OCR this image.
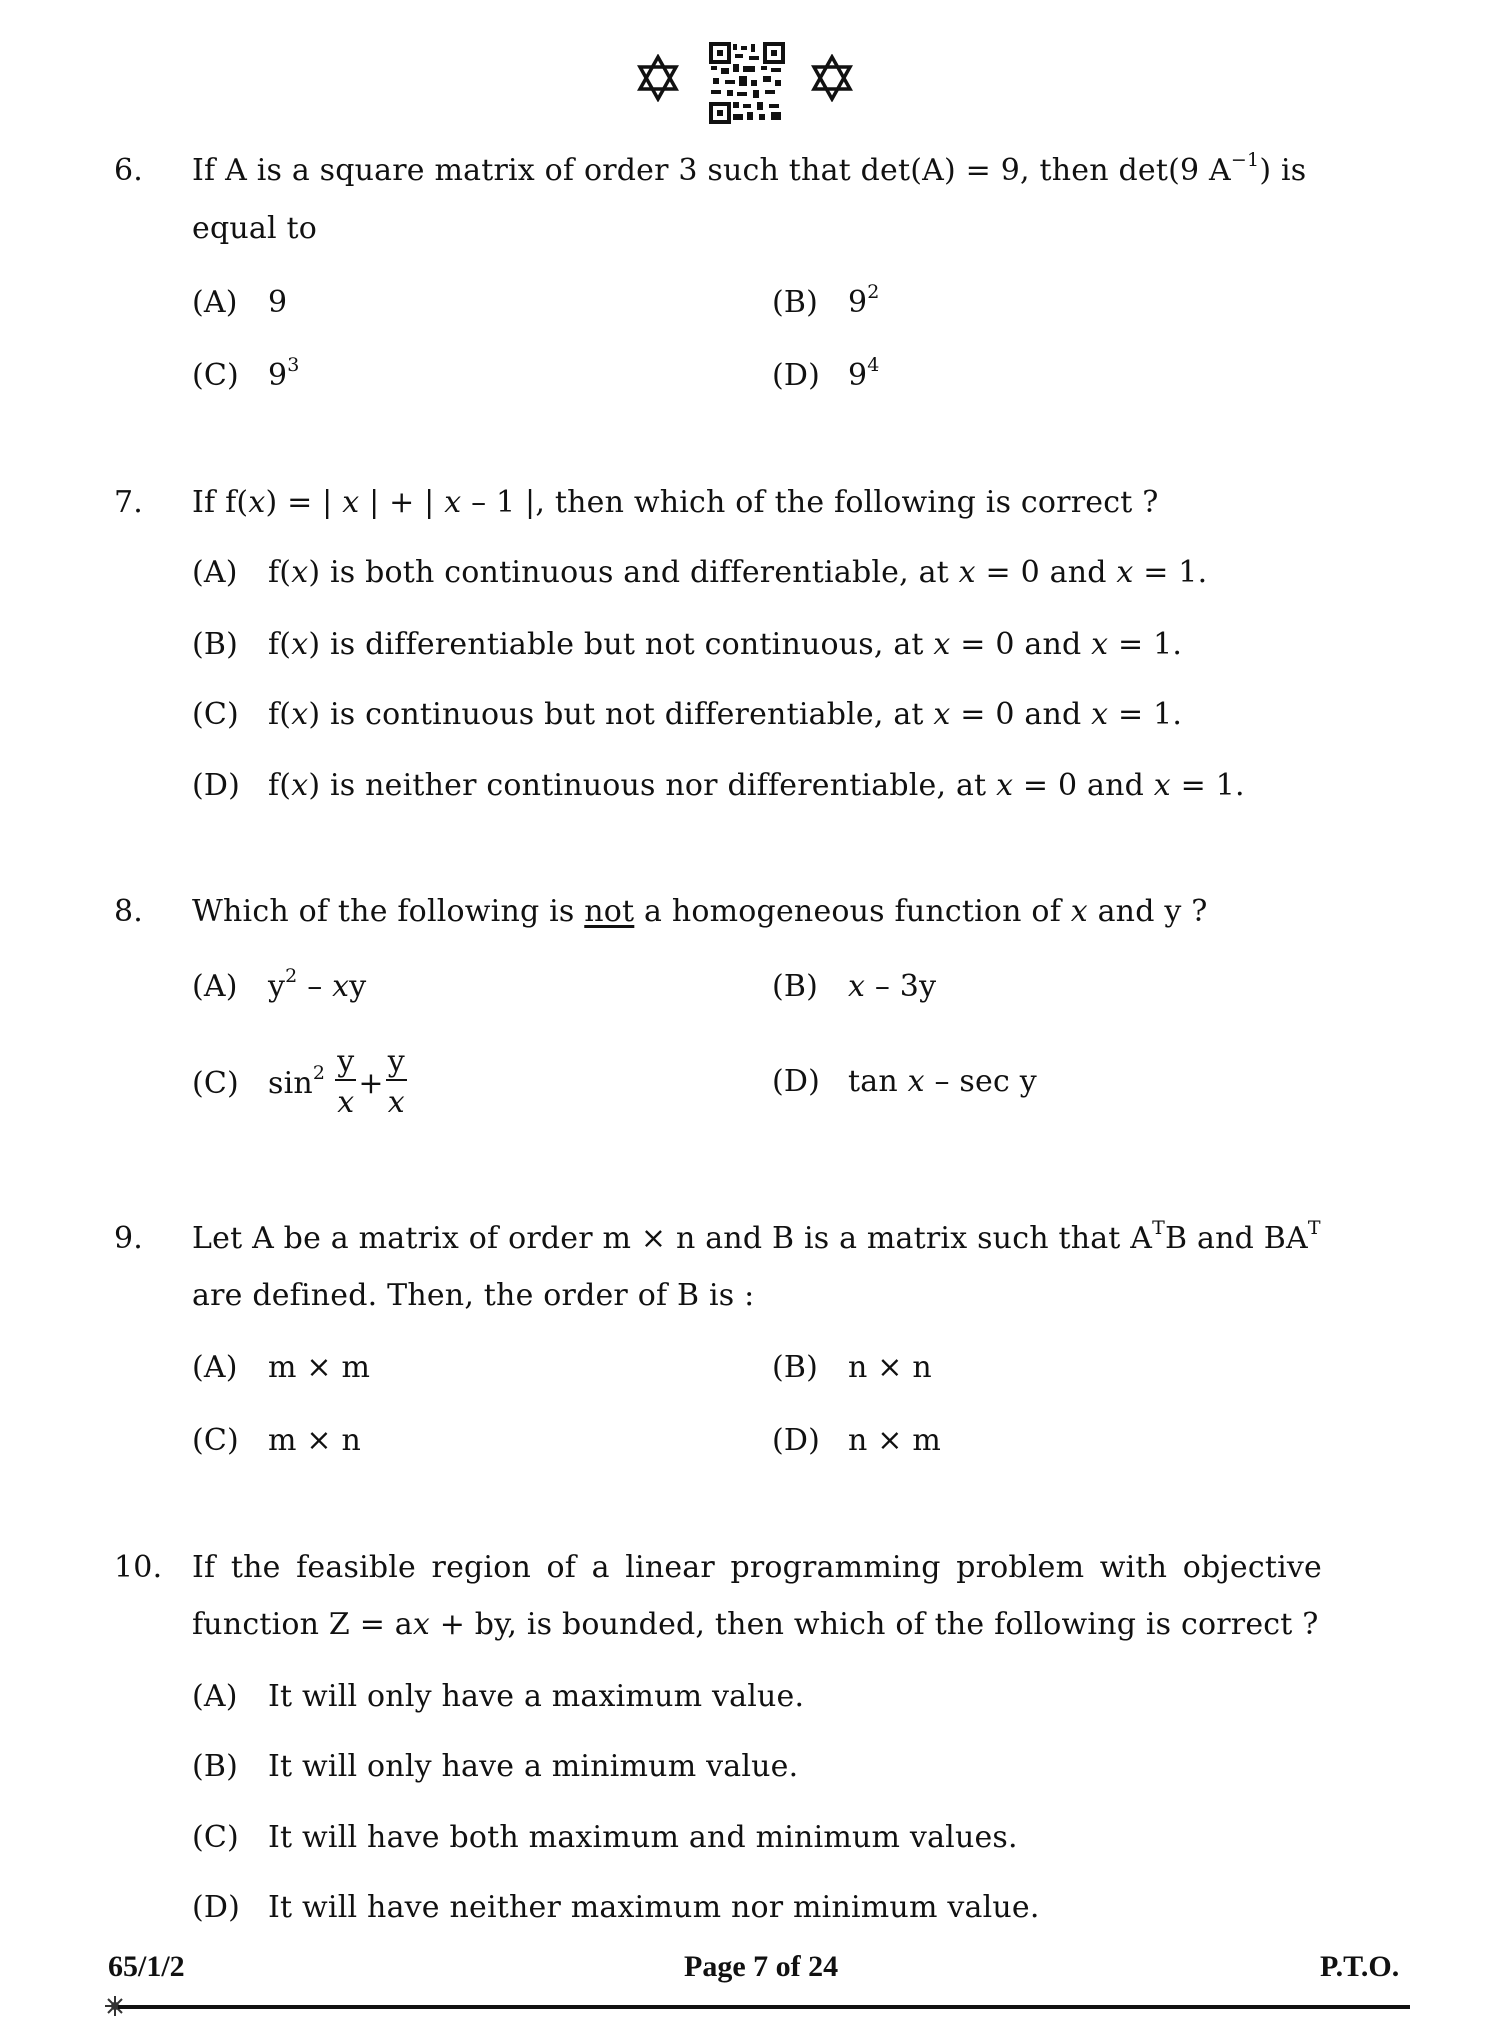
6. If A is a square matrix of order 3 such that det(A) = 9, then det(9 $A^{-1}$) is
equal to
(A) 9	(B) $9^2$
(C) $9^3$	(D) $9^4$
7. If f(x) = | x | + | x – 1 |, then which of the following is correct ?
(A) f(x) is both continuous and differentiable, at x = 0 and x = 1.
(B) f(x) is differentiable but not continuous, at x = 0 and x = 1.
(C) f(x) is continuous but not differentiable, at x = 0 and x = 1.
(D) f(x) is neither continuous nor differentiable, at x = 0 and x = 1.
8. Which of the following is not a homogeneous function of x and y ?
(A) $y^2$ – xy	(B) x – 3y
(C) $\sin^2 \frac{y}{x} + \frac{y}{x}$	(D) tan x – sec y
9. Let A be a matrix of order m × n and B is a matrix such that $A^TB$ and $BA^T$
are defined. Then, the order of B is :
(A) m × m	(B) n × n
(C) m × n	(D) n × m
10. If the feasible region of a linear programming problem with objective
function Z = ax + by, is bounded, then which of the following is correct ?
(A) It will only have a maximum value.
(B) It will only have a minimum value.
(C) It will have both maximum and minimum values.
(D) It will have neither maximum nor minimum value.
65/1/2	Page 7 of 24	P.T.O.
